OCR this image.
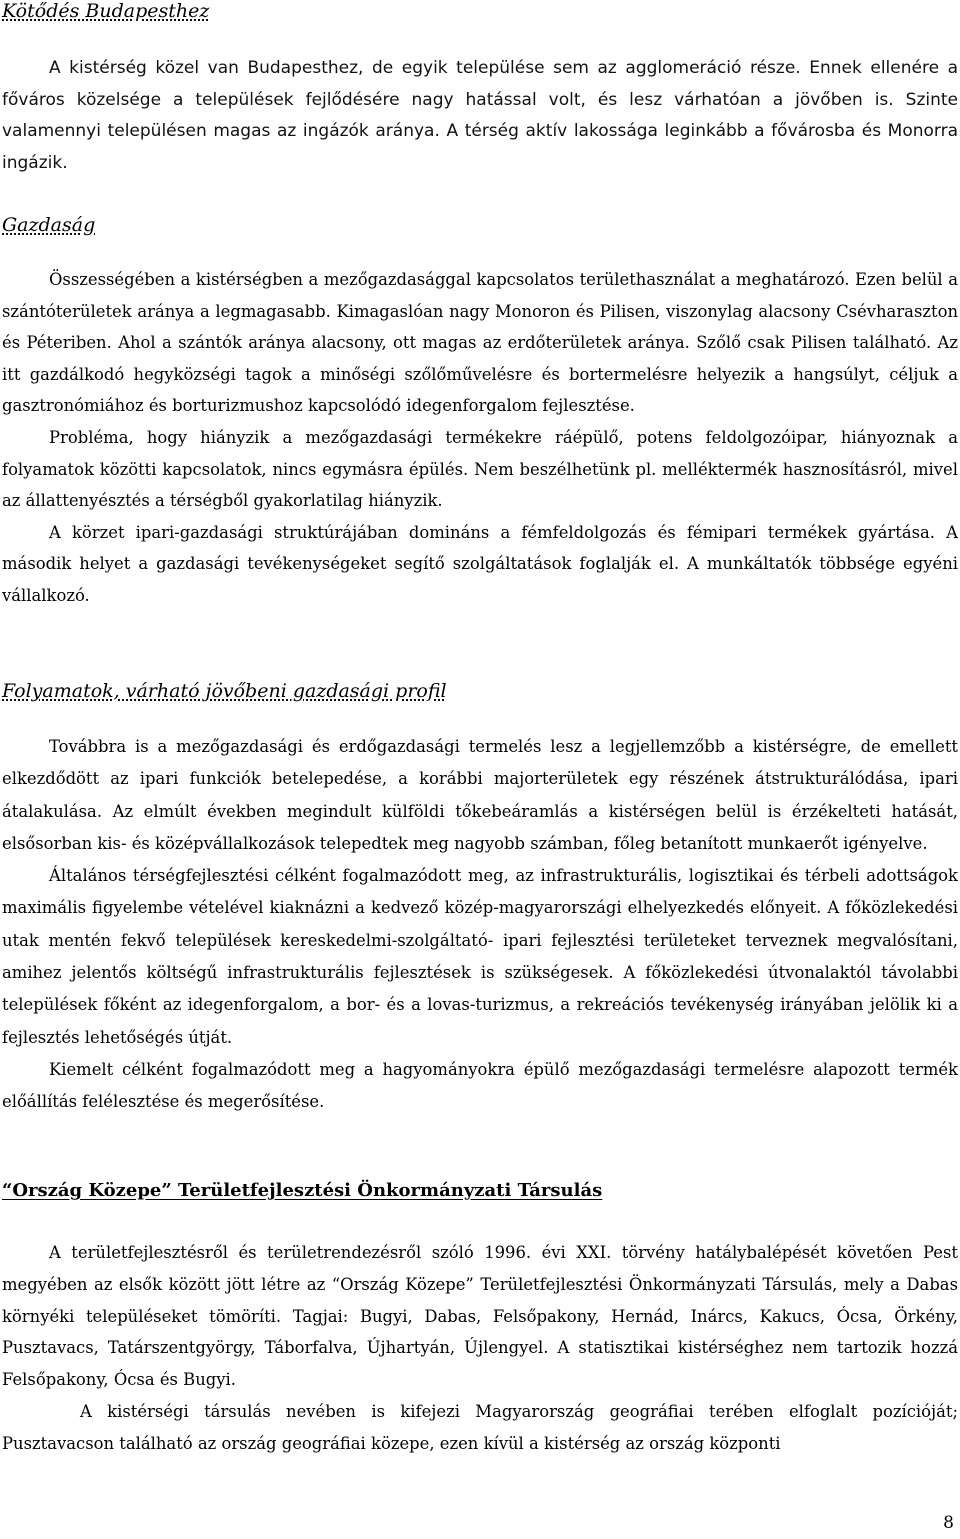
Kötődés Budapesthez

A kistérség közel van Budapesthez, de egyik települése sem az agglomeráció része. Ennek ellenére a főváros közelsége a települések fejlődésére nagy hatással volt, és lesz várhatóan a jövőben is. Szinte valamennyi településen magas az ingázók aránya. A térség aktív lakossága leginkább a fővárosba és Monorra ingázik.

Gazdaság

Összességében a kistérségben a mezőgazdasággal kapcsolatos területhasználat a meghatározó. Ezen belül a szántóterületek aránya a legmagasabb. Kimagaslóan nagy Monoron és Pilisen, viszonylag alacsony Csévharaszton és Péteriben. Ahol a szántók aránya alacsony, ott magas az erdőterületek aránya. Szőlő csak Pilisen található. Az itt gazdálkodó hegyközségi tagok a minőségi szőlőművelésre és bortermelésre helyezik a hangsúlyt, céljuk a gasztronómiához és borturizmushoz kapcsolódó idegenforgalom fejlesztése.

Probléma, hogy hiányzik a mezőgazdasági termékekre ráépülő, potens feldolgozóipar, hiányoznak a folyamatok közötti kapcsolatok, nincs egymásra épülés. Nem beszélhetünk pl. melléktermék hasznosításról, mivel az állattenyésztés a térségből gyakorlatilag hiányzik.

A körzet ipari-gazdasági struktúrájában domináns a fémfeldolgozás és fémipari termékek gyártása. A második helyet a gazdasági tevékenységeket segítő szolgáltatások foglalják el. A munkáltatók többsége egyéni vállalkozó.

Folyamatok, várható jövőbeni gazdasági profil

Továbbra is a mezőgazdasági és erdőgazdasági termelés lesz a legjellemzőbb a kistérségre, de emellett elkezdődött az ipari funkciók betelepedése, a korábbi majorterületek egy részének átstrukturálódása, ipari átalakulása. Az elmúlt években megindult külföldi tőkebeáramlás a kistérségen belül is érzékelteti hatását, elsősorban kis- és középvállalkozások telepedtek meg nagyobb számban, főleg betanított munkaerőt igényelve.

Általános térségfejlesztési célként fogalmazódott meg, az infrastrukturális, logisztikai és térbeli adottságok maximális figyelembe vételével kiaknázni a kedvező közép-magyarországi elhelyezkedés előnyeit. A főközlekedési utak mentén fekvő települések kereskedelmi-szolgáltató- ipari fejlesztési területeket terveznek megvalósítani, amihez jelentős költségű infrastrukturális fejlesztések is szükségesek. A főközlekedési útvonalaktól távolabbi települések főként az idegenforgalom, a bor- és a lovas-turizmus, a rekreációs tevékenység irányában jelölik ki a fejlesztés lehetőségés útját.

Kiemelt célként fogalmazódott meg a hagyományokra épülő mezőgazdasági termelésre alapozott termék előállítás felélesztése és megerősítése.

“Ország Közepe” Területfejlesztési Önkormányzati Társulás

A területfejlesztésről és területrendezésről szóló 1996. évi XXI. törvény hatálybalépését követően Pest megyében az elsők között jött létre az “Ország Közepe” Területfejlesztési Önkormányzati Társulás, mely a Dabas környéki településeket tömöríti. Tagjai: Bugyi, Dabas, Felsőpakony, Hernád, Inárcs, Kakucs, Ócsa, Örkény, Pusztavacs, Tatárszentgyörgy, Táborfalva, Újhartyán, Újlengyel. A statisztikai kistérséghez nem tartozik hozzá Felsőpakony, Ócsa és Bugyi.

A kistérségi társulás nevében is kifejezi Magyarország geográfiai terében elfoglalt pozícióját; Pusztavacson található az ország geográfiai közepe, ezen kívül a kistérség az ország központi

8
